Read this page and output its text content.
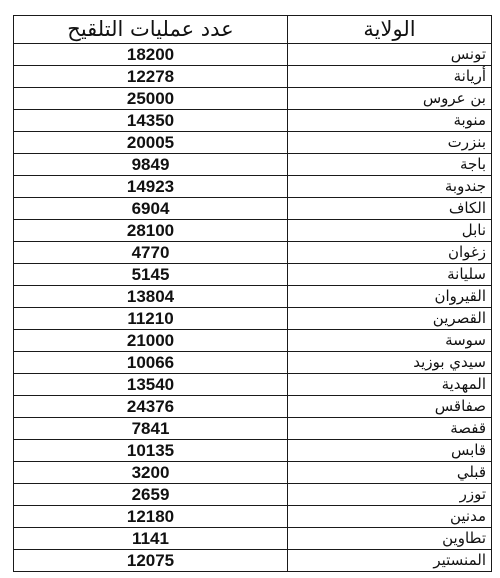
عدد عمليات التلقيح	الولاية
18200	تونس
12278	أريانة
25000	بن عروس
14350	منوبة
20005	بنزرت
9849	باجة
14923	جندوبة
6904	الكاف
28100	نابل
4770	زغوان
5145	سليانة
13804	القيروان
11210	القصرين
21000	سوسة
10066	سيدي بوزيد
13540	المهدية
24376	صفاقس
7841	قفصة
10135	قابس
3200	قبلي
2659	توزر
12180	مدنين
1141	تطاوين
12075	المنستير
